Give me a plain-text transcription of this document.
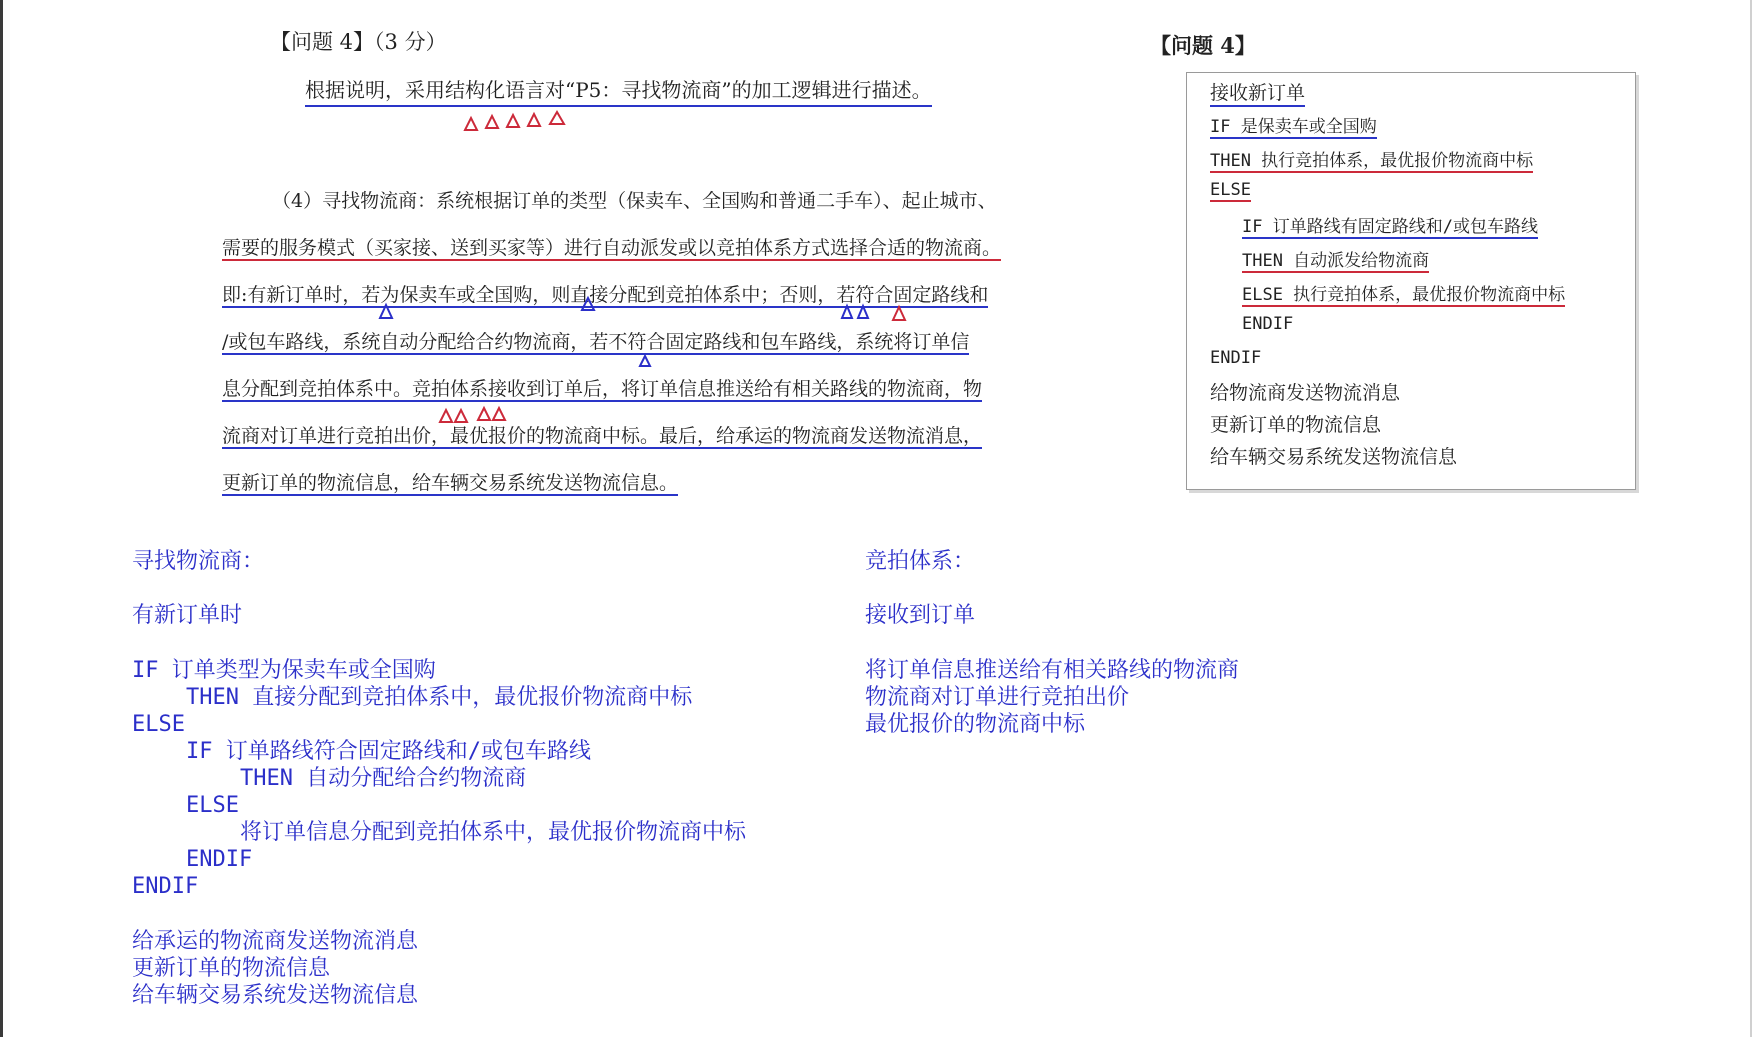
【问题 4】（3 分）
根据说明，采用结构化语言对“P5：寻找物流商”的加工逻辑进行描述。
（4）寻找物流商：系统根据订单的类型（保卖车、全国购和普通二手车）、起止城市、
需要的服务模式（买家接、送到买家等）进行自动派发或以竞拍体系方式选择合适的物流商。
即:有新订单时，若为保卖车或全国购，则直接分配到竞拍体系中；否则，若符合固定路线和
/或包车路线，系统自动分配给合约物流商，若不符合固定路线和包车路线，系统将订单信
息分配到竞拍体系中。竞拍体系接收到订单后，将订单信息推送给有相关路线的物流商，物
流商对订单进行竞拍出价，最优报价的物流商中标。最后，给承运的物流商发送物流消息，
更新订单的物流信息，给车辆交易系统发送物流信息。
【问题 4】
接收新订单
IF 是保卖车或全国购
THEN 执行竞拍体系，最优报价物流商中标
ELSE
IF 订单路线有固定路线和/或包车路线
THEN 自动派发给物流商
ELSE 执行竞拍体系，最优报价物流商中标
ENDIF
ENDIF
给物流商发送物流消息
更新订单的物流信息
给车辆交易系统发送物流信息
寻找物流商：
有新订单时
IF 订单类型为保卖车或全国购
THEN 直接分配到竞拍体系中，最优报价物流商中标
ELSE
IF 订单路线符合固定路线和/或包车路线
THEN 自动分配给合约物流商
ELSE
将订单信息分配到竞拍体系中，最优报价物流商中标
ENDIF
ENDIF
给承运的物流商发送物流消息
更新订单的物流信息
给车辆交易系统发送物流信息
竞拍体系：
接收到订单
将订单信息推送给有相关路线的物流商
物流商对订单进行竞拍出价
最优报价的物流商中标
